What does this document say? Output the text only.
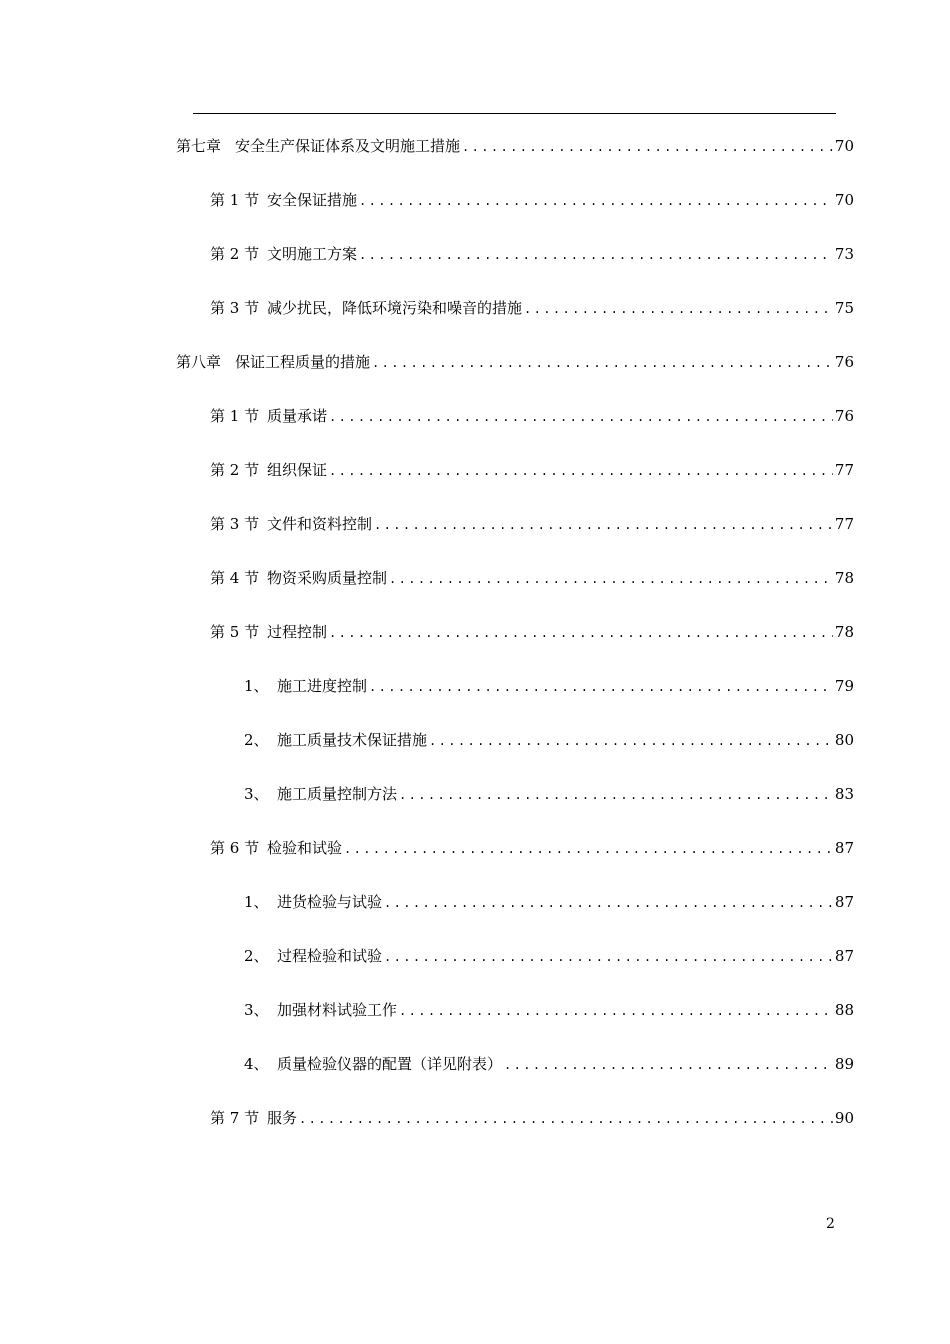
第七章 安全生产保证体系及文明施工措施 .....	70
第 1 节 安全保证措施 .....	70
第 2 节 文明施工方案 .....	73
第 3 节 减少扰民，降低环境污染和噪音的措施 .....	75
第八章 保证工程质量的措施 .....	76
第 1 节 质量承诺 .....	76
第 2 节 组织保证 .....	77
第 3 节 文件和资料控制 .....	77
第 4 节 物资采购质量控制 .....	78
第 5 节 过程控制 .....	78
1、 施工进度控制 .....	79
2、 施工质量技术保证措施 .....	80
3、 施工质量控制方法 .....	83
第 6 节 检验和试验 .....	87
1、 进货检验与试验 .....	87
2、 过程检验和试验 .....	87
3、 加强材料试验工作 .....	88
4、 质量检验仪器的配置（详见附表） .....	89
第 7 节 服务 .....	90
2
